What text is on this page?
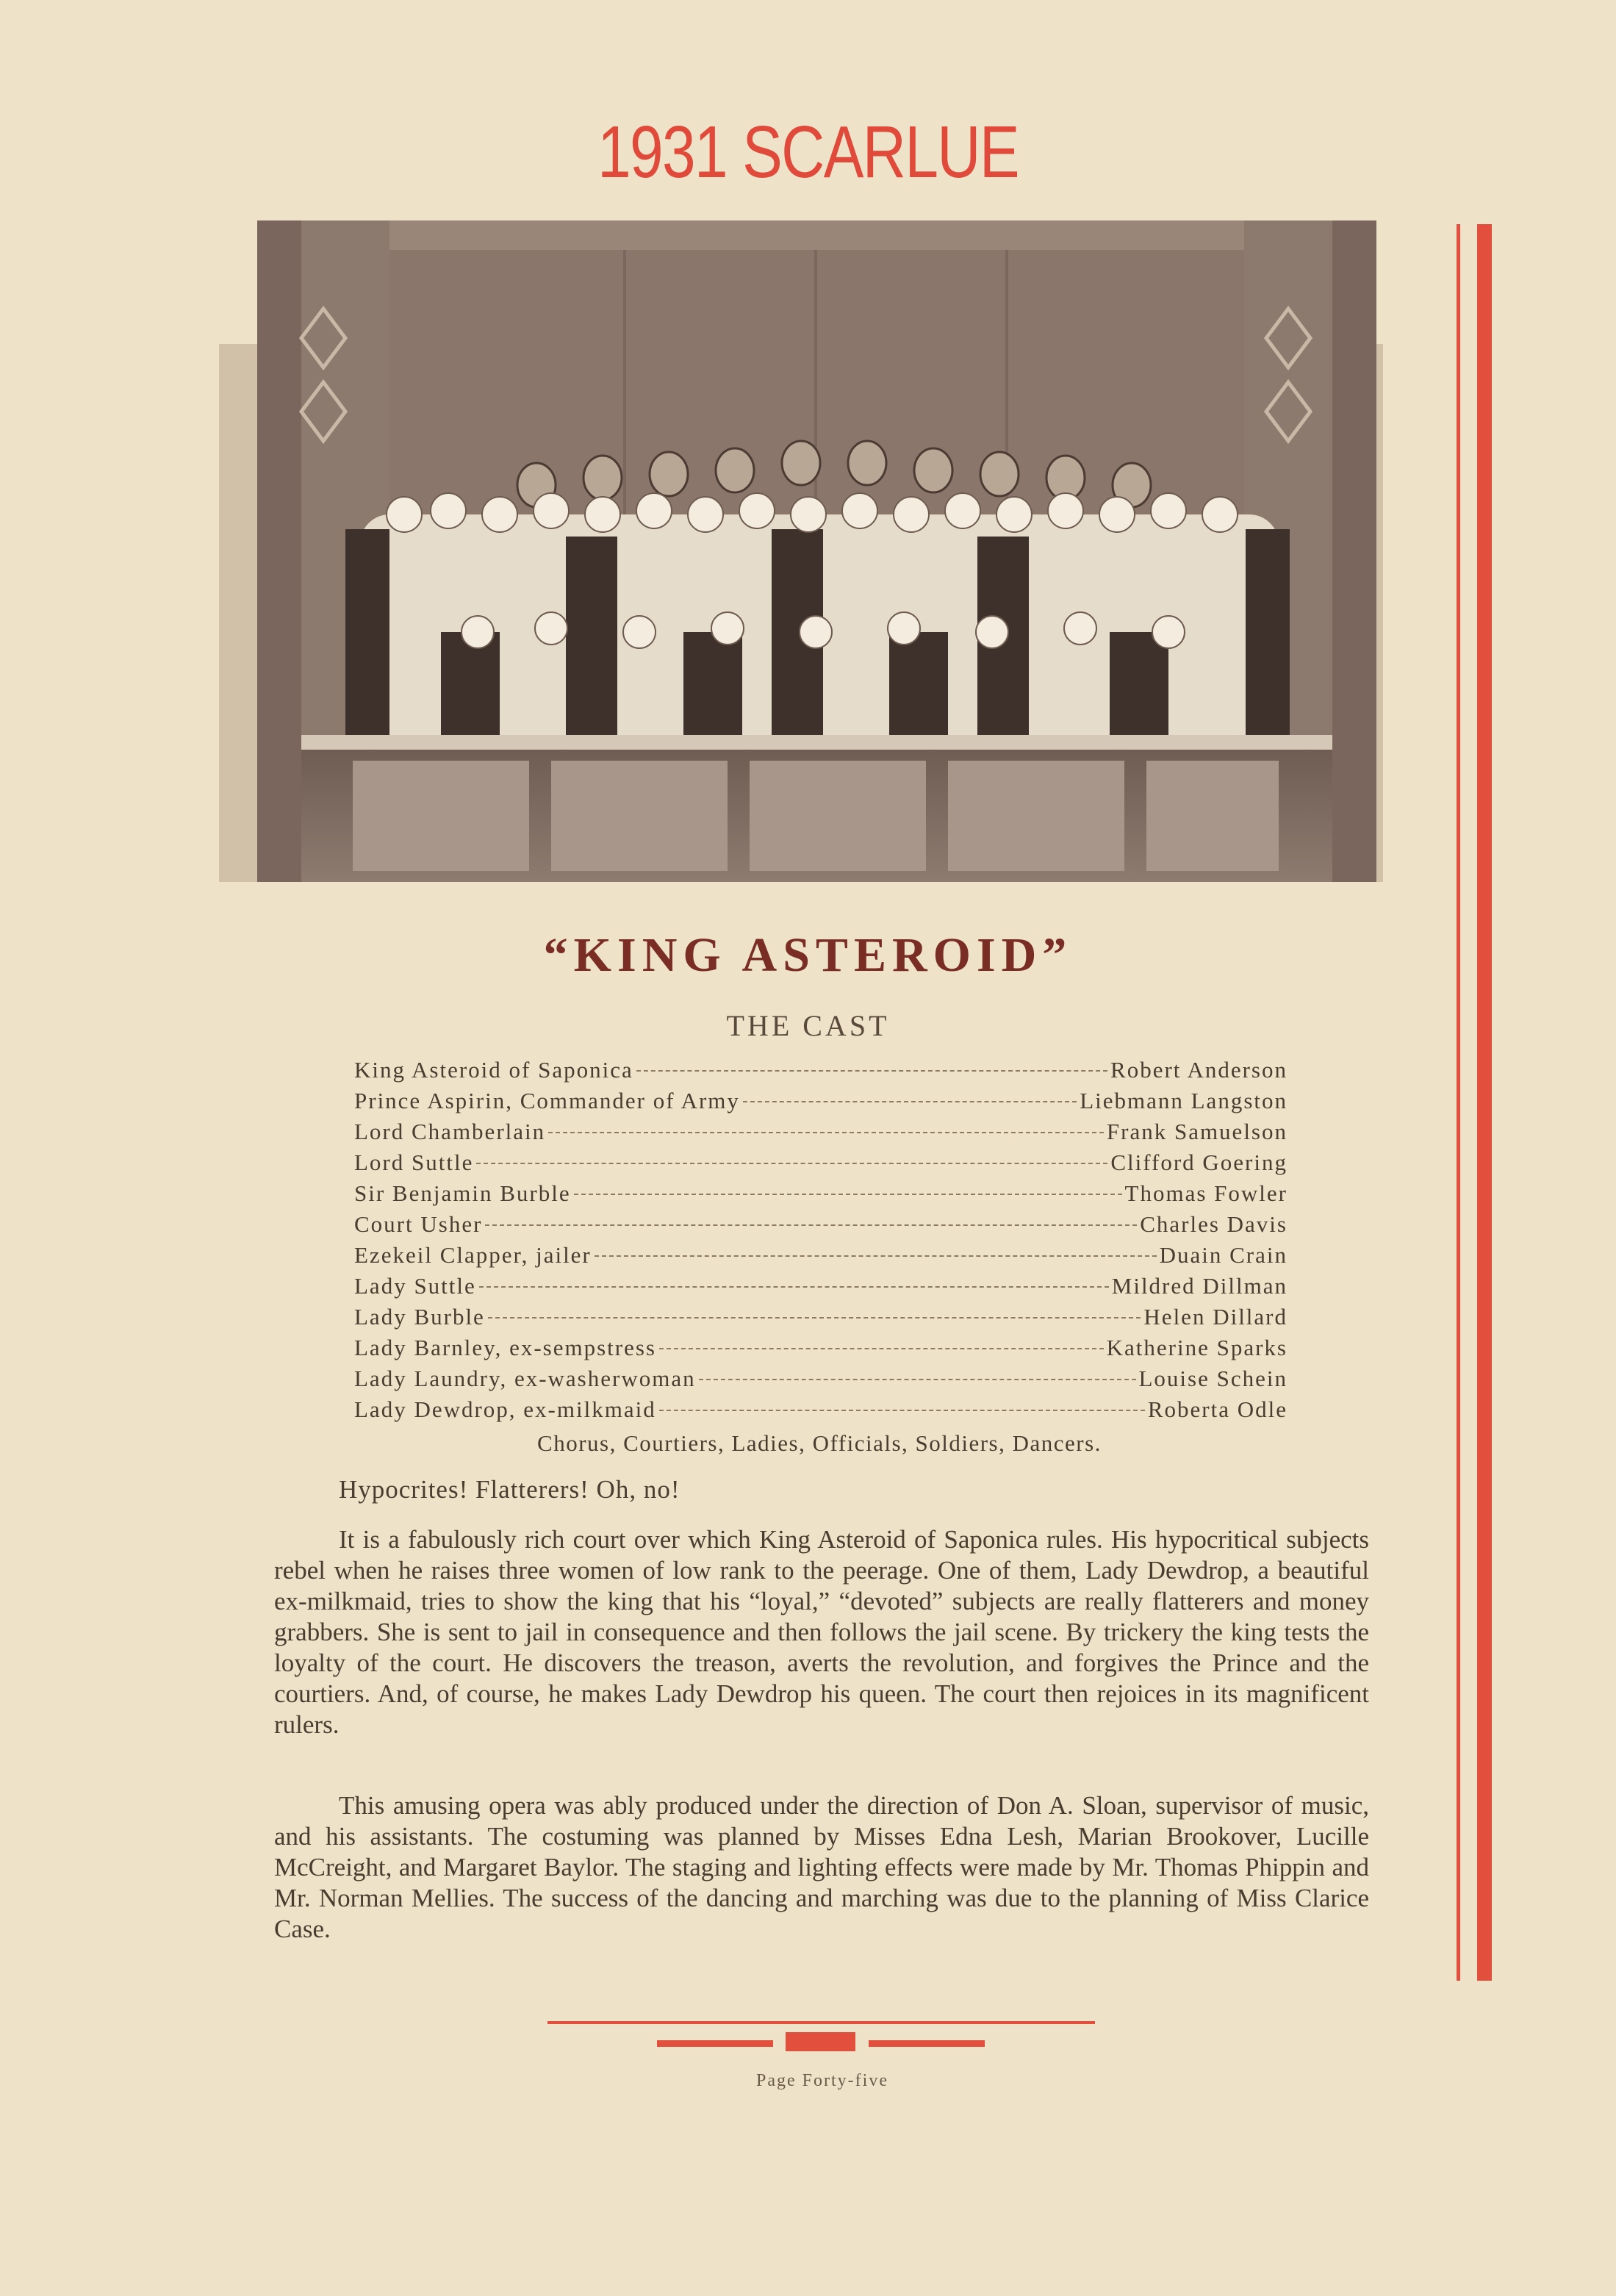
1931 SCARLUE
“KING ASTEROID”
THE CAST
King Asteroid of Saponica	Robert Anderson
Prince Aspirin, Commander of Army	Liebmann Langston
Lord Chamberlain	Frank Samuelson
Lord Suttle	Clifford Goering
Sir Benjamin Burble	Thomas Fowler
Court Usher	Charles Davis
Ezekeil Clapper, jailer	Duain Crain
Lady Suttle	Mildred Dillman
Lady Burble	Helen Dillard
Lady Barnley, ex-sempstress	Katherine Sparks
Lady Laundry, ex-washerwoman	Louise Schein
Lady Dewdrop, ex-milkmaid	Roberta Odle
Chorus, Courtiers, Ladies, Officials, Soldiers, Dancers.

Hypocrites! Flatterers! Oh, no!

It is a fabulously rich court over which King Asteroid of Saponica rules. His hypocritical subjects rebel when he raises three women of low rank to the peerage. One of them, Lady Dewdrop, a beautiful ex-milkmaid, tries to show the king that his “loyal,” “devoted” subjects are really flatterers and money grabbers. She is sent to jail in consequence and then follows the jail scene. By trickery the king tests the loyalty of the court. He discovers the treason, averts the revolution, and forgives the Prince and the courtiers. And, of course, he makes Lady Dewdrop his queen. The court then rejoices in its magnificent rulers.

This amusing opera was ably produced under the direction of Don A. Sloan, supervisor of music, and his assistants. The costuming was planned by Misses Edna Lesh, Marian Brookover, Lucille McCreight, and Margaret Baylor. The staging and lighting effects were made by Mr. Thomas Phippin and Mr. Norman Mellies. The success of the dancing and marching was due to the planning of Miss Clarice Case.

Page Forty-five
